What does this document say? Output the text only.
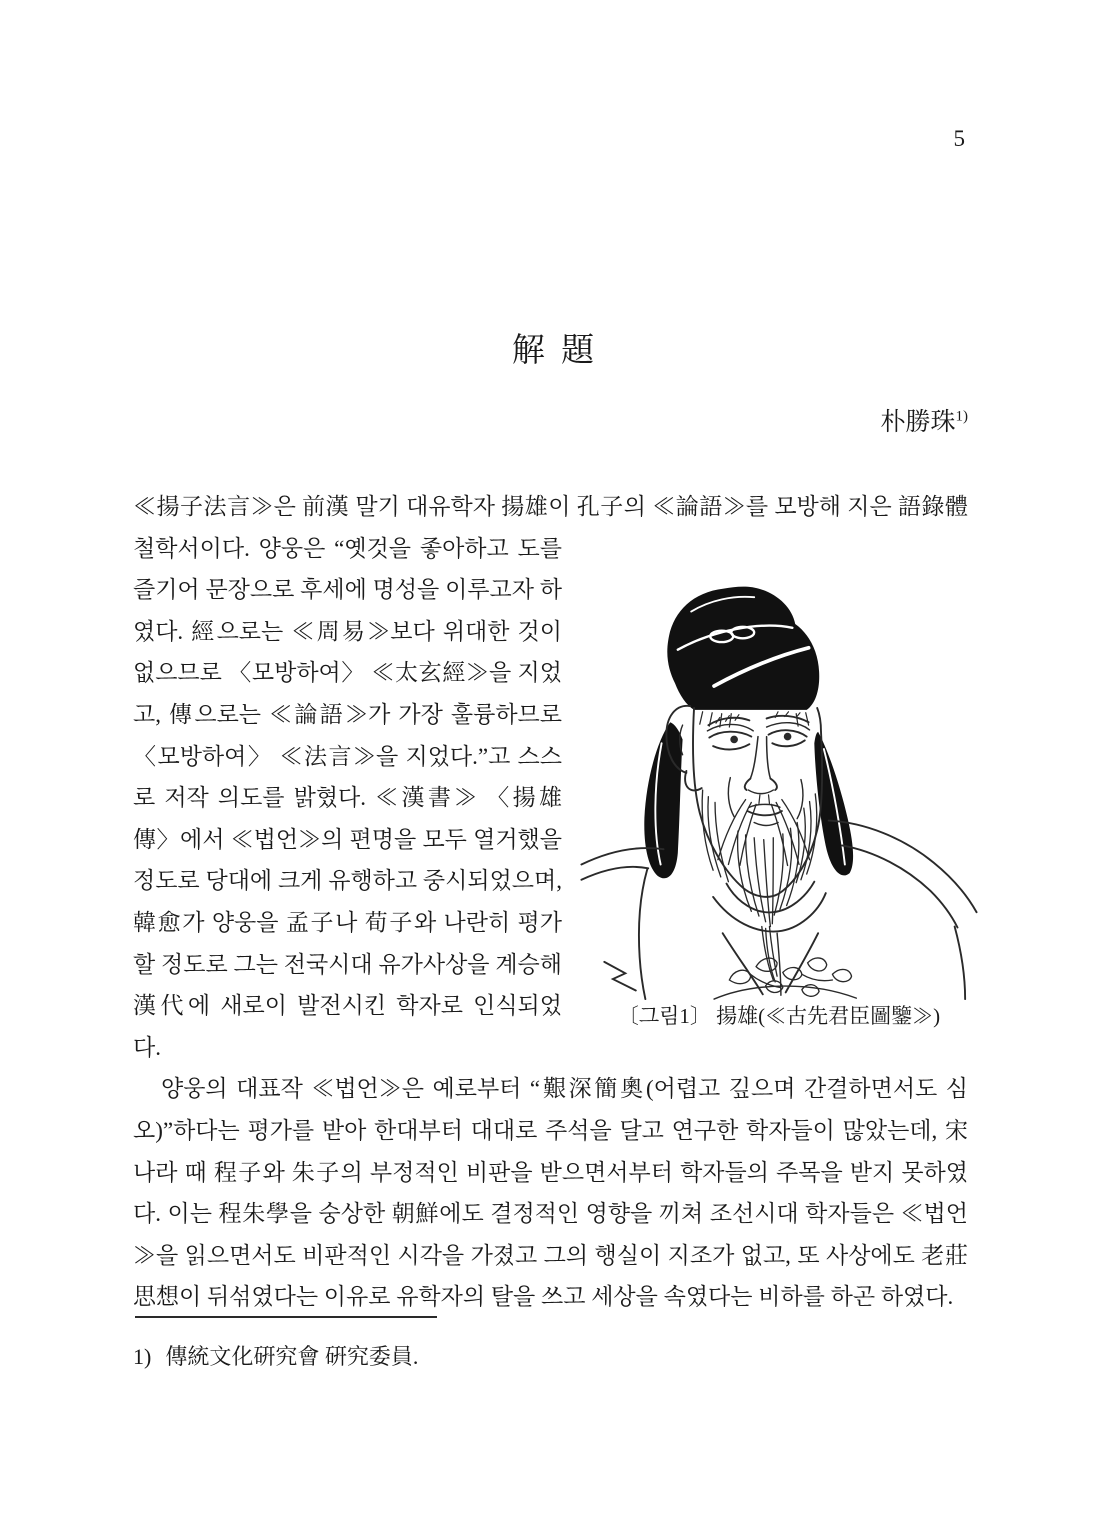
5
解 題
朴勝珠$^{1)}$

〔그림1〕 揚雄(≪古先君臣圖鑒≫)
≪揚子法言≫은 前漢 말기 대유학자 揚雄이 孔子의 ≪論語≫를 모방해 지은 語錄體 철학서이다. 양웅은 “옛것을 좋아하고 도를 즐기어 문장으로 후세에 명성을 이루고자 하였다. 經으로는 ≪周易≫보다 위대한 것이 없으므로 〈모방하여〉 ≪太玄經≫을 지었고, 傳으로는 ≪論語≫가 가장 훌륭하므로 〈모방하여〉 ≪法言≫을 지었다.”고 스스로 저작 의도를 밝혔다. ≪漢書≫ 〈揚雄傳〉에서 ≪법언≫의 편명을 모두 열거했을 정도로 당대에 크게 유행하고 중시되었으며, 韓愈가 양웅을 孟子나 荀子와 나란히 평가할 정도로 그는 전국시대 유가사상을 계승해 漢代에 새로이 발전시킨 학자로 인식되었다.

양웅의 대표작 ≪법언≫은 예로부터 “艱深簡奧(어렵고 깊으며 간결하면서도 심오)”하다는 평가를 받아 한대부터 대대로 주석을 달고 연구한 학자들이 많았는데, 宋나라 때 程子와 朱子의 부정적인 비판을 받으면서부터 학자들의 주목을 받지 못하였다. 이는 程朱學을 숭상한 朝鮮에도 결정적인 영향을 끼쳐 조선시대 학자들은 ≪법언≫을 읽으면서도 비판적인 시각을 가졌고 그의 행실이 지조가 없고, 또 사상에도 老莊思想이 뒤섞였다는 이유로 유학자의 탈을 쓰고 세상을 속였다는 비하를 하곤 하였다.

1) 傳統文化硏究會 硏究委員.
